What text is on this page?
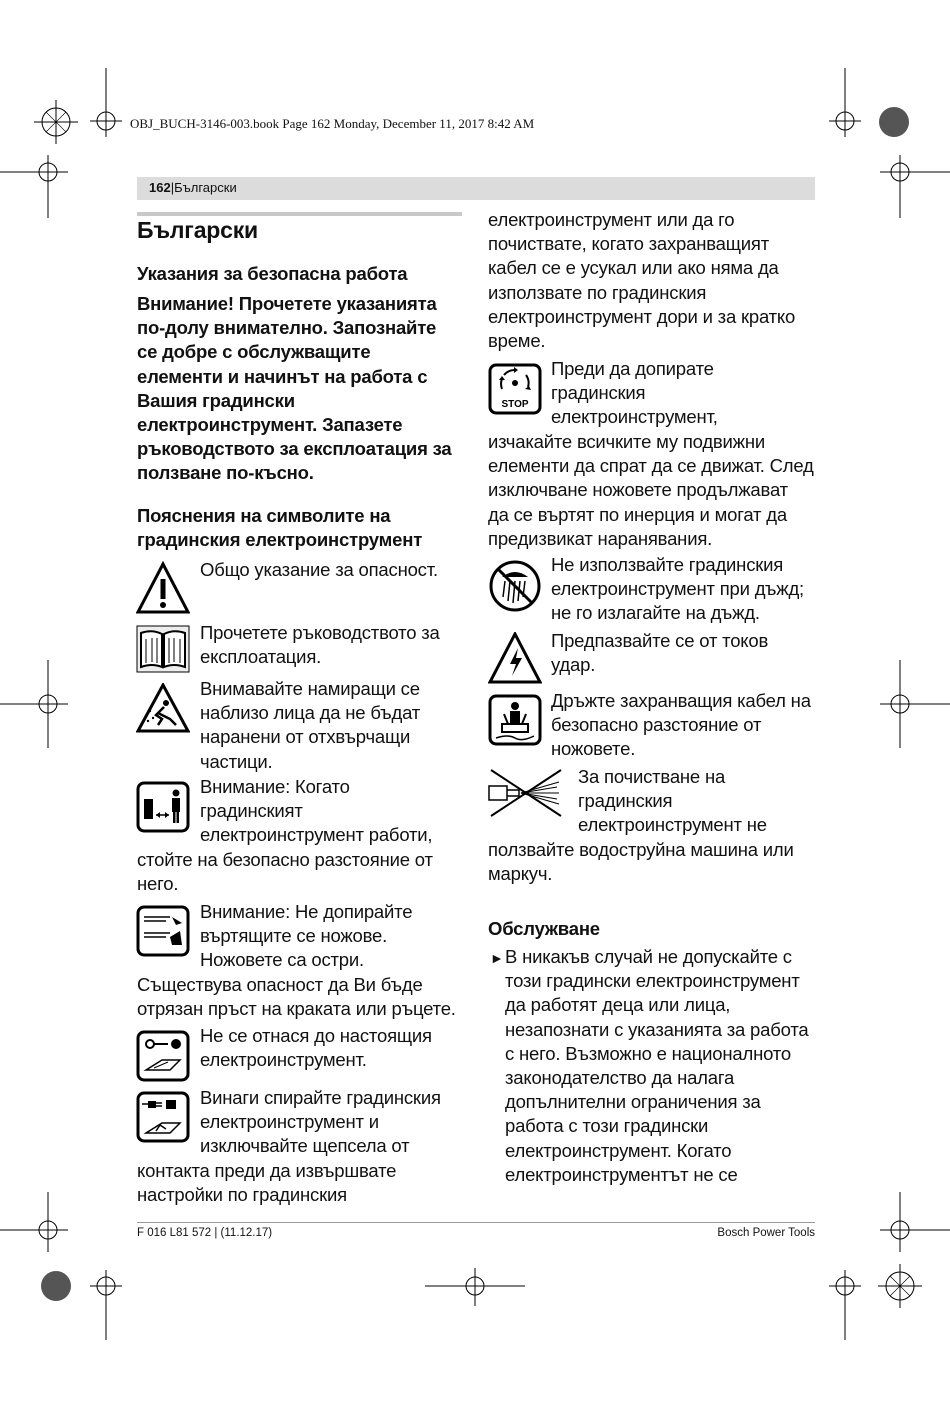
OBJ_BUCH-3146-003.book Page 162 Monday, December 11, 2017 8:42 AM
162|Български

Български

Указания за безопасна работа

Внимание! Прочетете указанията

по-долу внимателно. Запознайте

се добре с обслужващите

елементи и начинът на работа с

Вашия градински

електроинструмент. Запазете

ръководството за експлоатация за

ползване по-късно.

Пояснения на символите на

градинския електроинструмент

Общо указание за опасност.

Прочетете ръководството за

експлоатация.

Внимавайте намиращи се

наблизо лица да не бъдат

наранени от отхвърчащи

частици.

Внимание: Когато

градинският

електроинструмент работи,

стойте на безопасно разстояние от

него.

Внимание: Не допирайте

въртящите се ножове.

Ножовете са остри.

Съществува опасност да Ви бъде

отрязан пръст на краката или ръцете.

Не се отнася до настоящия

електроинструмент.

Винаги спирайте градинския

електроинструмент и

изключвайте щепсела от

контакта преди да извършвате

настройки по градинския

електроинструмент или да го

почиствате, когато захранващият

кабел се е усукал или ако няма да

използвате по градинския

електроинструмент дори и за кратко

време.

STOP

Преди да допирате

градинския

електроинструмент,

изчакайте всичките му подвижни

елементи да спрат да се движат. След

изключване ножовете продължават

да се въртят по инерция и могат да

предизвикат наранявания.

Не използвайте градинския

електроинструмент при дъжд;

не го излагайте на дъжд.

Предпазвайте се от токов

удар.

Дръжте захранващия кабел на

безопасно разстояние от

ножовете.

За почистване на

градинския

електроинструмент не

ползвайте водоструйна машина или

маркуч.

Обслужване

► В никакъв случай не допускайте с

този градински електроинструмент

да работят деца или лица,

незапознати с указанията за работа

с него. Възможно е националното

законодателство да налага

допълнителни ограничения за

работа с този градински

електроинструмент. Когато

електроинструментът не се

F 016 L81 572 | (11.12.17)	Bosch Power Tools
